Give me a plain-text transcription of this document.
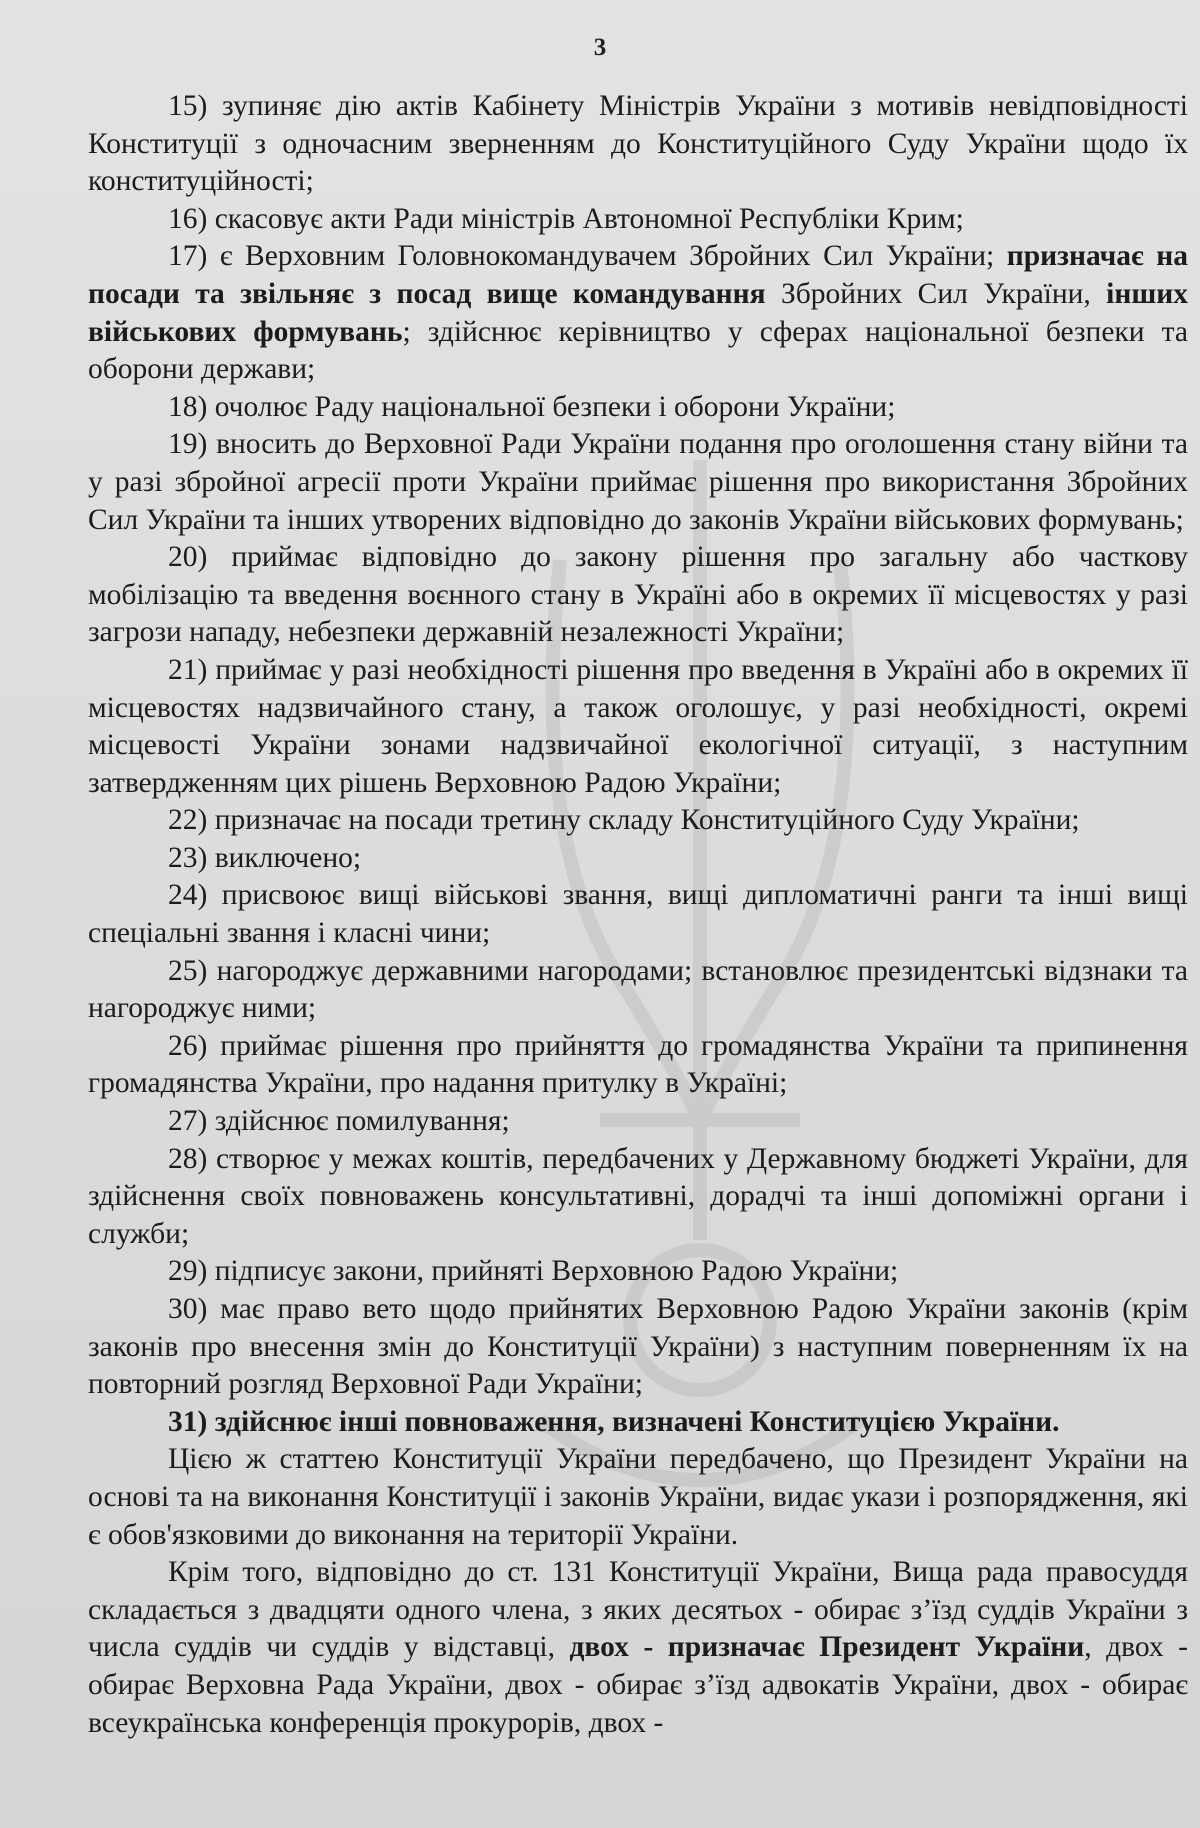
3

15) зупиняє дію актів Кабінету Міністрів України з мотивів невідповідності Конституції з одночасним зверненням до Конституційного Суду України щодо їх конституційності;

16) скасовує акти Ради міністрів Автономної Республіки Крим;

17) є Верховним Головнокомандувачем Збройних Сил України; призначає на посади та звільняє з посад вище командування Збройних Сил України, інших військових формувань; здійснює керівництво у сферах національної безпеки та оборони держави;

18) очолює Раду національної безпеки і оборони України;

19) вносить до Верховної Ради України подання про оголошення стану війни та у разі збройної агресії проти України приймає рішення про використання Збройних Сил України та інших утворених відповідно до законів України військових формувань;

20) приймає відповідно до закону рішення про загальну або часткову мобілізацію та введення воєнного стану в Україні або в окремих її місцевостях у разі загрози нападу, небезпеки державній незалежності України;

21) приймає у разі необхідності рішення про введення в Україні або в окремих її місцевостях надзвичайного стану, а також оголошує, у разі необхідності, окремі місцевості України зонами надзвичайної екологічної ситуації, з наступним затвердженням цих рішень Верховною Радою України;

22) призначає на посади третину складу Конституційного Суду України;

23) виключено;

24) присвоює вищі військові звання, вищі дипломатичні ранги та інші вищі спеціальні звання і класні чини;

25) нагороджує державними нагородами; встановлює президентські відзнаки та нагороджує ними;

26) приймає рішення про прийняття до громадянства України та припинення громадянства України, про надання притулку в Україні;

27) здійснює помилування;

28) створює у межах коштів, передбачених у Державному бюджеті України, для здійснення своїх повноважень консультативні, дорадчі та інші допоміжні органи і служби;

29) підписує закони, прийняті Верховною Радою України;

30) має право вето щодо прийнятих Верховною Радою України законів (крім законів про внесення змін до Конституції України) з наступним поверненням їх на повторний розгляд Верховної Ради України;

31) здійснює інші повноваження, визначені Конституцією України.

Цією ж статтею Конституції України передбачено, що Президент України на основі та на виконання Конституції і законів України, видає укази і розпорядження, які є обов'язковими до виконання на території України.

Крім того, відповідно до ст. 131 Конституції України, Вища рада правосуддя складається з двадцяти одного члена, з яких десятьох - обирає з’їзд суддів України з числа суддів чи суддів у відставці, двох - призначає Президент України, двох - обирає Верховна Рада України, двох - обирає з’їзд адвокатів України, двох - обирає всеукраїнська конференція прокурорів, двох -
